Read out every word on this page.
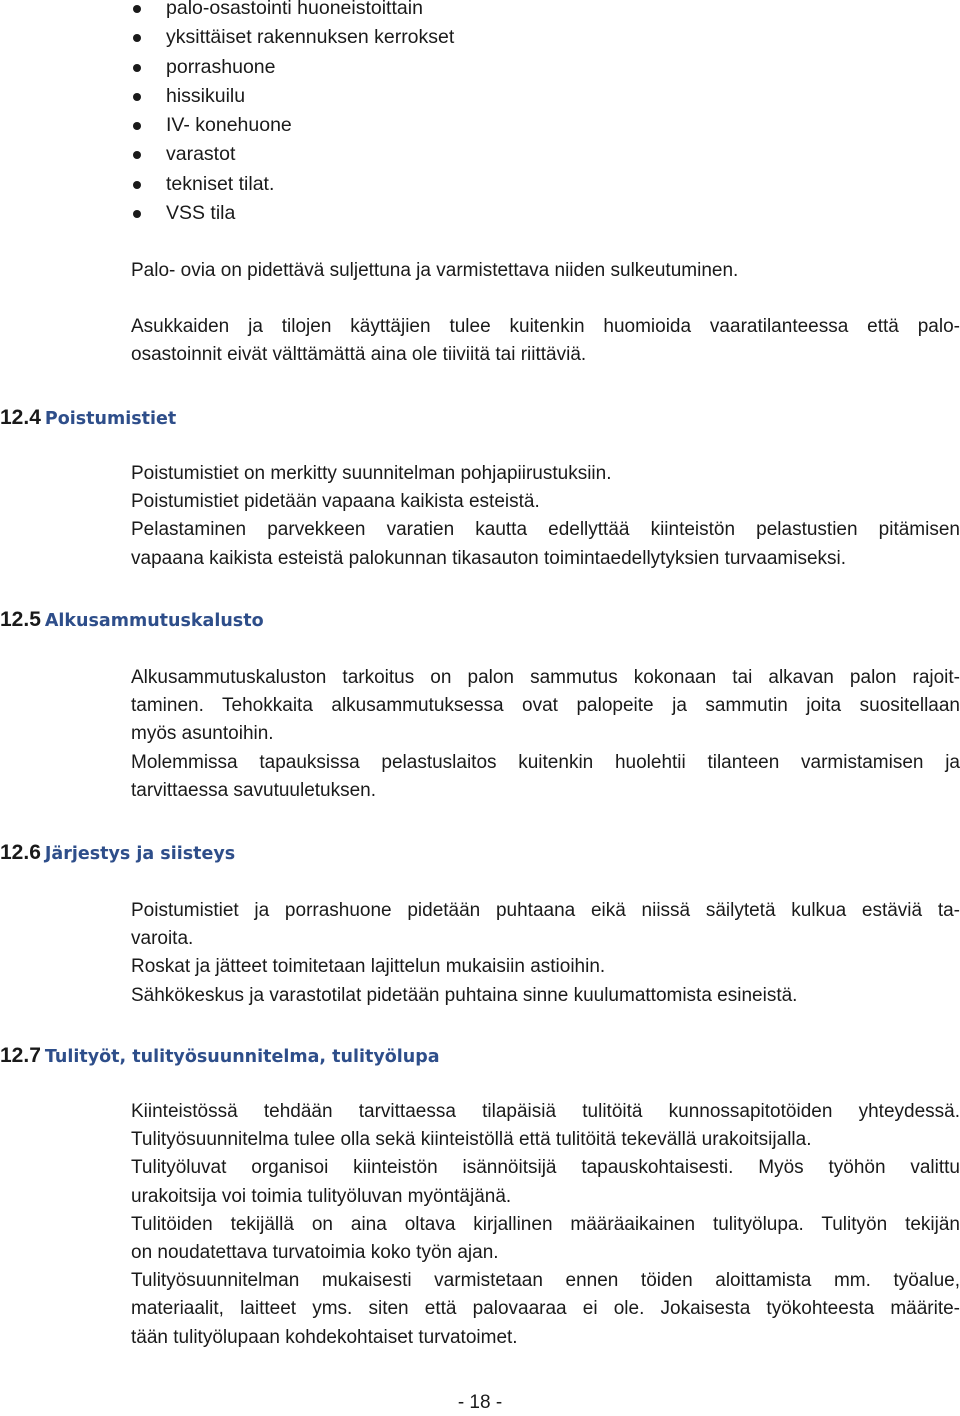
palo-osastointi huoneistoittain
yksittäiset rakennuksen kerrokset
porrashuone
hissikuilu
IV- konehuone
varastot
tekniset tilat.
VSS tila
Palo- ovia on pidettävä suljettuna ja varmistettava niiden sulkeutuminen.
Asukkaiden ja tilojen käyttäjien tulee kuitenkin huomioida vaaratilanteessa että palo-
osastoinnit eivät välttämättä aina ole tiiviitä tai riittäviä.
12.4 Poistumistiet
Poistumistiet on merkitty suunnitelman pohjapiirustuksiin.
Poistumistiet pidetään vapaana kaikista esteistä.
Pelastaminen parvekkeen varatien kautta edellyttää kiinteistön pelastustien pitämisen
vapaana kaikista esteistä palokunnan tikasauton toimintaedellytyksien turvaamiseksi.
12.5 Alkusammutuskalusto
Alkusammutuskaluston tarkoitus on palon sammutus kokonaan tai alkavan palon rajoit-
taminen. Tehokkaita alkusammutuksessa ovat palopeite ja sammutin joita suositellaan
myös asuntoihin.
Molemmissa tapauksissa pelastuslaitos kuitenkin huolehtii tilanteen varmistamisen ja
tarvittaessa savutuuletuksen.
12.6 Järjestys ja siisteys
Poistumistiet ja porrashuone pidetään puhtaana eikä niissä säilytetä kulkua estäviä ta-
varoita.
Roskat ja jätteet toimitetaan lajittelun mukaisiin astioihin.
Sähkökeskus ja varastotilat pidetään puhtaina sinne kuulumattomista esineistä.
12.7 Tulityöt, tulityösuunnitelma, tulityölupa
Kiinteistössä tehdään tarvittaessa tilapäisiä tulitöitä kunnossapitotöiden yhteydessä.
Tulityösuunnitelma tulee olla sekä kiinteistöllä että tulitöitä tekevällä urakoitsijalla.
Tulityöluvat organisoi kiinteistön isännöitsijä tapauskohtaisesti. Myös työhön valittu
urakoitsija voi toimia tulityöluvan myöntäjänä.
Tulitöiden tekijällä on aina oltava kirjallinen määräaikainen tulityölupa. Tulityön tekijän
on noudatettava turvatoimia koko työn ajan.
Tulityösuunnitelman mukaisesti varmistetaan ennen töiden aloittamista mm. työalue,
materiaalit, laitteet yms. siten että palovaaraa ei ole. Jokaisesta työkohteesta määrite-
tään tulityölupaan kohdekohtaiset turvatoimet.
- 18 -
